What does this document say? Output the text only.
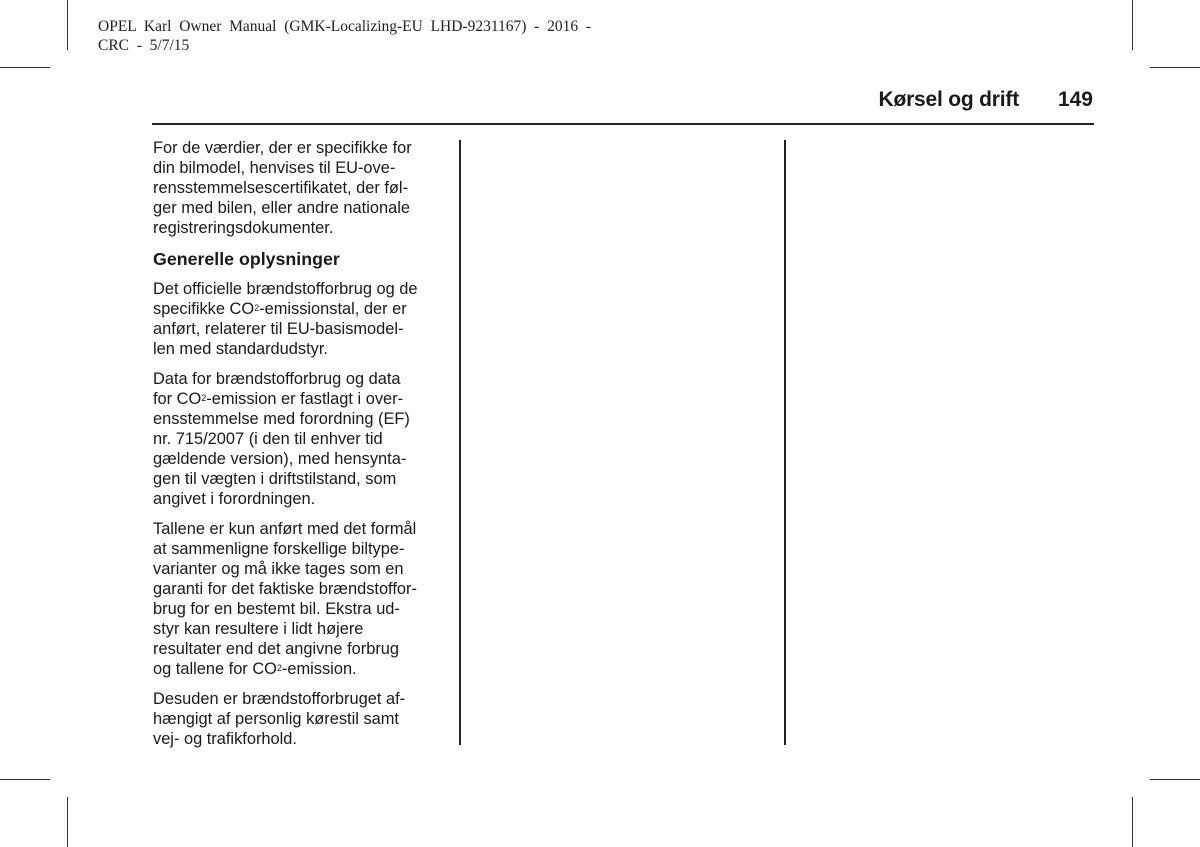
OPEL  Karl  Owner  Manual  (GMK-Localizing-EU  LHD-9231167)  -  2016  -
CRC  -  5/7/15
Kørsel og drift 149

For de værdier, der er specifikke for
din bilmodel, henvises til EU-ove-
rensstemmelsescertifikatet, der føl-
ger med bilen, eller andre nationale
registreringsdokumenter.

Generelle oplysninger

Det officielle brændstofforbrug og de
specifikke $CO^2$-emissionstal, der er
anført, relaterer til EU-basismodel-
len med standardudstyr.

Data for brændstofforbrug og data
for $CO^2$-emission er fastlagt i over-
ensstemmelse med forordning (EF)
nr. 715/2007 (i den til enhver tid
gældende version), med hensynta-
gen til vægten i driftstilstand, som
angivet i forordningen.

Tallene er kun anført med det formål
at sammenligne forskellige biltype-
varianter og må ikke tages som en
garanti for det faktiske brændstoffor-
brug for en bestemt bil. Ekstra ud-
styr kan resultere i lidt højere
resultater end det angivne forbrug
og tallene for $CO^2$-emission.

Desuden er brændstofforbruget af-
hængigt af personlig kørestil samt
vej- og trafikforhold.
